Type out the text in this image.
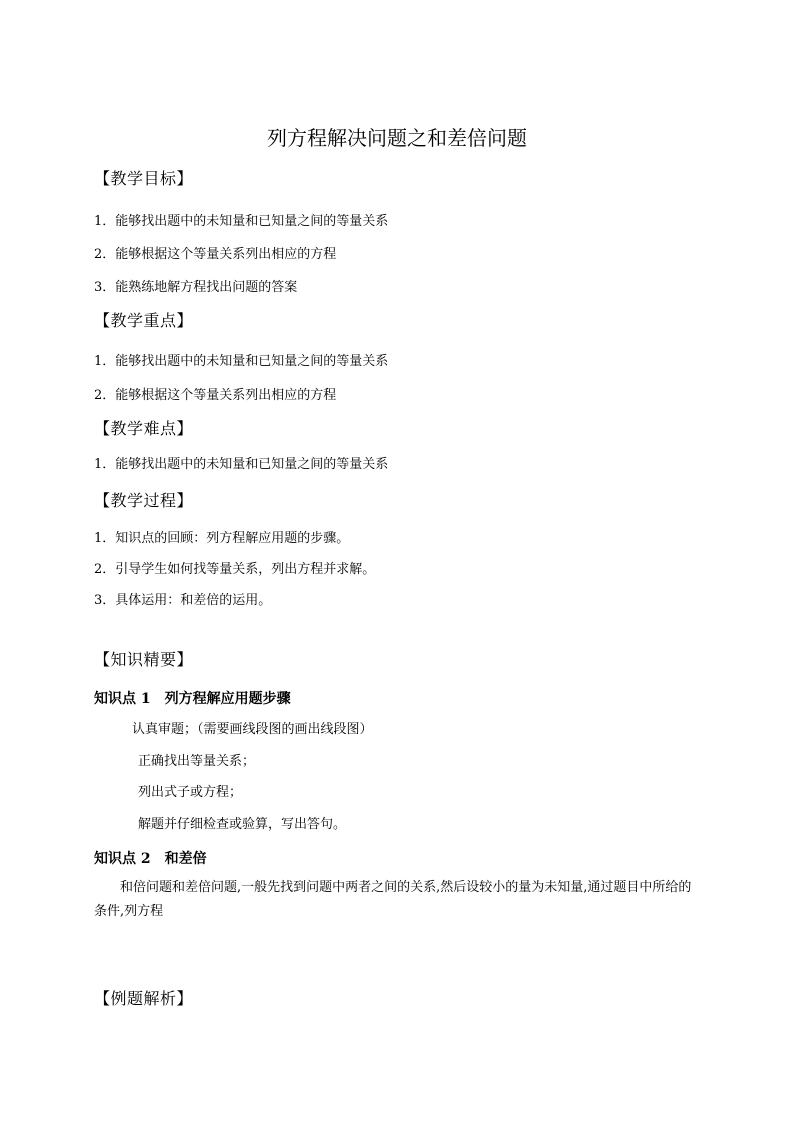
列方程解决问题之和差倍问题
【教学目标】
1．能够找出题中的未知量和已知量之间的等量关系
2．能够根据这个等量关系列出相应的方程
3．能熟练地解方程找出问题的答案
【教学重点】
1．能够找出题中的未知量和已知量之间的等量关系
2．能够根据这个等量关系列出相应的方程
【教学难点】
1．能够找出题中的未知量和已知量之间的等量关系
【教学过程】
1．知识点的回顾：列方程解应用题的步骤。
2．引导学生如何找等量关系，列出方程并求解。
3．具体运用：和差倍的运用。
【知识精要】
知识点 1　列方程解应用题步骤
认真审题；（需要画线段图的画出线段图）
正确找出等量关系；
列出式子或方程；
解题并仔细检查或验算，写出答句。
知识点 2　和差倍
和倍问题和差倍问题,一般先找到问题中两者之间的关系,然后设较小的量为未知量,通过题目中所给的条件,列方程
【例题解析】
